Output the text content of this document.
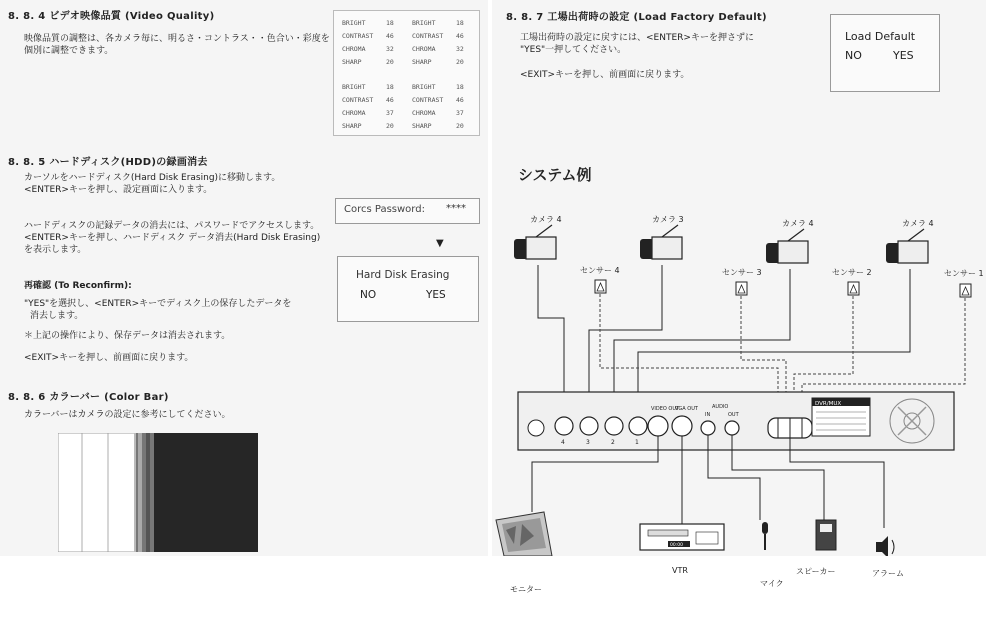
8. 8. 4 ビデオ映像品質 (Video Quality)
映像品質の調整は、各カメラ毎に、明るさ・コントラス・・色合い・彩度を
個別に調整できます。
BRIGHT	18	BRIGHT	18
CONTRAST 46	CONTRAST 46
CHROMA	32	CHROMA	32
SHARP	20	SHARP	20
BRIGHT	18	BRIGHT	18
CONTRAST 46	CONTRAST 46
CHROMA	37	CHROMA	37
SHARP	20	SHARP	20
8. 8. 5 ハードディスク(HDD)の録画消去
カーソルをハードディスク(Hard Disk Erasing)に移動します。
<ENTER>キーを押し、設定画面に入ります。
ハードディスクの記録データの消去には、パスワードでアクセスします。
<ENTER>キーを押し、ハードディスク データ消去(Hard Disk Erasing)
を表示します。
Corcs Password: ****
▼
Hard Disk Erasing
NO	YES
再確認 (To Reconfirm):
"YES"を選択し、<ENTER>キーでディスク上の保存したデータを
消去します。
＊上記の操作により、保存データは消去されます。
<EXIT>キーを押し、前画面に戻ります。
8. 8. 6 カラーバー (Color Bar)
カラーバーはカメラの設定に参考にしてください。
8. 8. 7 工場出荷時の設定 (Load Factory Default)
工場出荷時の設定に戻すには、<ENTER>キーを押さずに
"YES"一押してください。
<EXIT>キーを押し、前画面に戻ります。
Load Default
NO	YES
システム例
カメラ 4	カメラ 3	カメラ 4	カメラ 4
センサー 4	センサー 3	センサー 2	センサー 1
4	3	2	1
VIDEO OUT
VGA OUT	AUDIO
IN	OUT
DVR/MUX
00:00
モニター
VTR
マイク
スピーカー	アラーム
